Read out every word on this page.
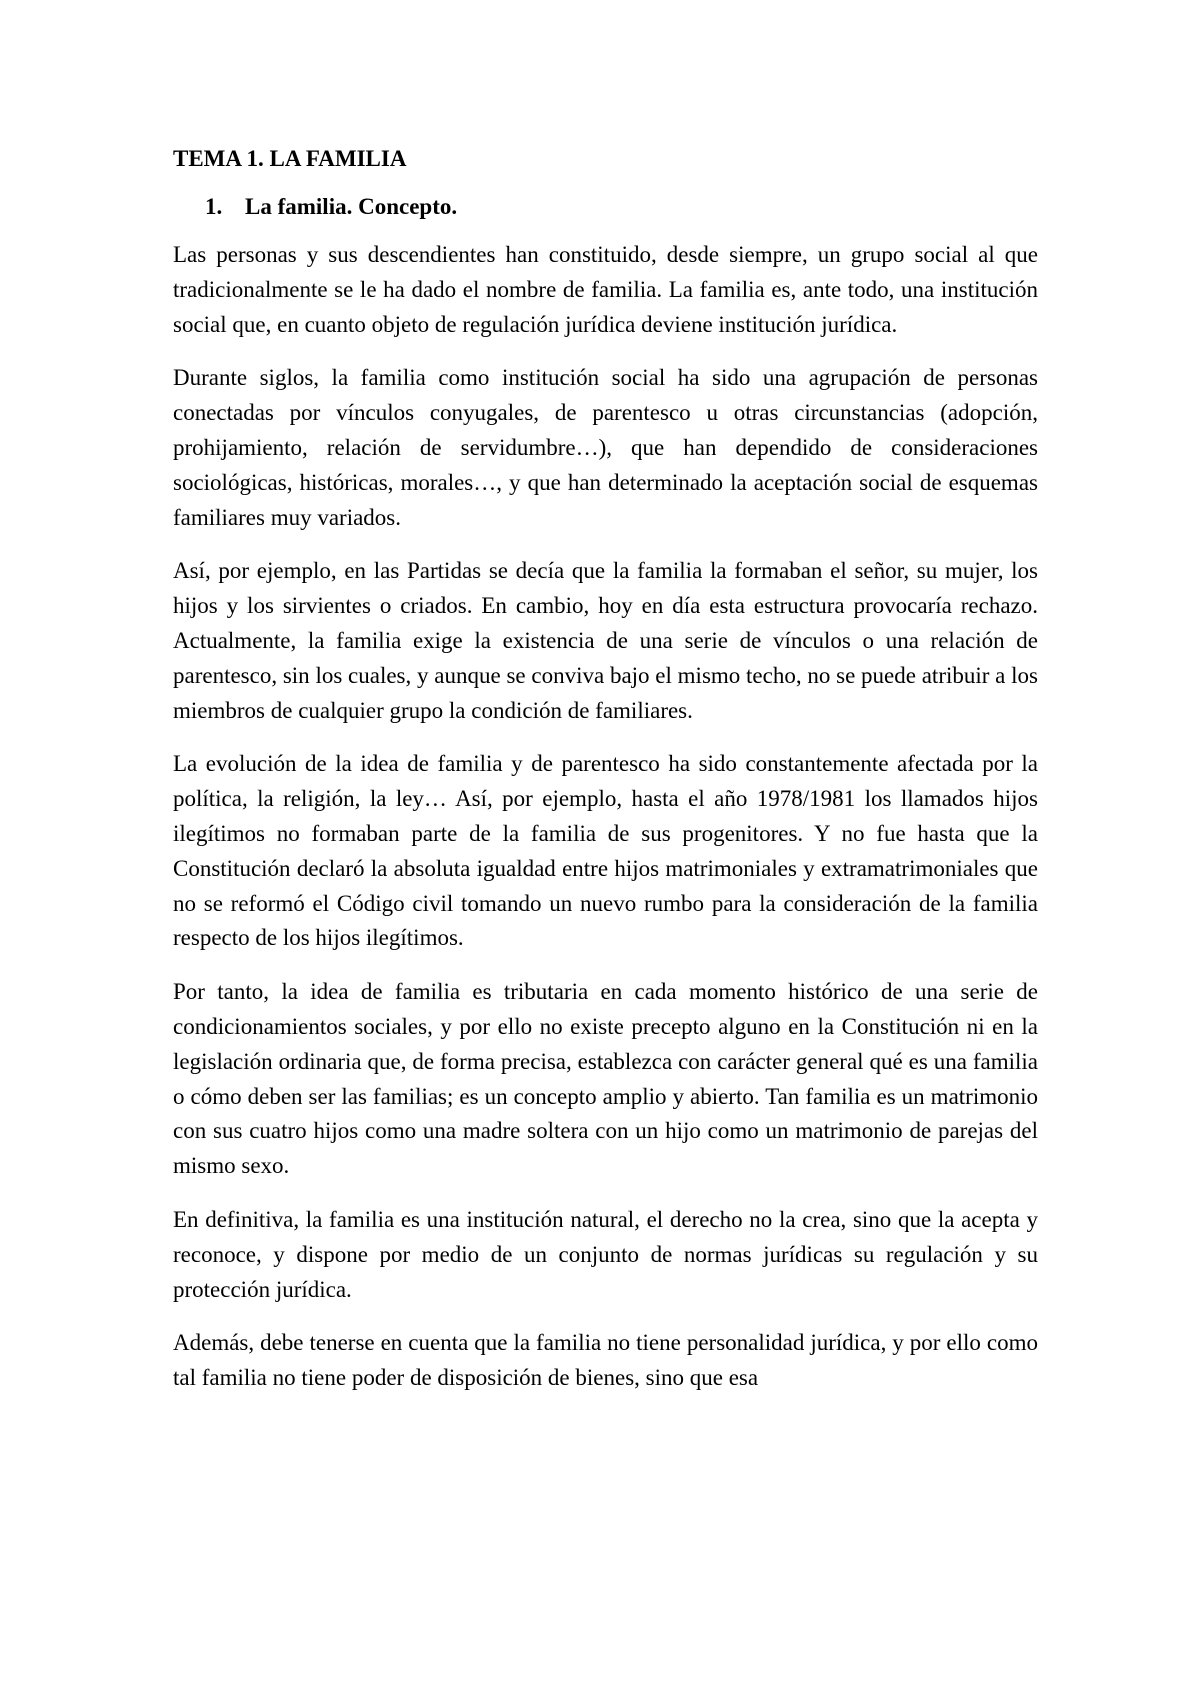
TEMA 1. LA FAMILIA
1. La familia. Concepto.

Las personas y sus descendientes han constituido, desde siempre, un grupo social al que tradicionalmente se le ha dado el nombre de familia. La familia es, ante todo, una institución social que, en cuanto objeto de regulación jurídica deviene institución jurídica.

Durante siglos, la familia como institución social ha sido una agrupación de personas conectadas por vínculos conyugales, de parentesco u otras circunstancias (adopción, prohijamiento, relación de servidumbre…), que han dependido de consideraciones sociológicas, históricas, morales…, y que han determinado la aceptación social de esquemas familiares muy variados.

Así, por ejemplo, en las Partidas se decía que la familia la formaban el señor, su mujer, los hijos y los sirvientes o criados. En cambio, hoy en día esta estructura provocaría rechazo. Actualmente, la familia exige la existencia de una serie de vínculos o una relación de parentesco, sin los cuales, y aunque se conviva bajo el mismo techo, no se puede atribuir a los miembros de cualquier grupo la condición de familiares.

La evolución de la idea de familia y de parentesco ha sido constantemente afectada por la política, la religión, la ley… Así, por ejemplo, hasta el año 1978/1981 los llamados hijos ilegítimos no formaban parte de la familia de sus progenitores. Y no fue hasta que la Constitución declaró la absoluta igualdad entre hijos matrimoniales y extramatrimoniales que no se reformó el Código civil tomando un nuevo rumbo para la consideración de la familia respecto de los hijos ilegítimos.

Por tanto, la idea de familia es tributaria en cada momento histórico de una serie de condicionamientos sociales, y por ello no existe precepto alguno en la Constitución ni en la legislación ordinaria que, de forma precisa, establezca con carácter general qué es una familia o cómo deben ser las familias; es un concepto amplio y abierto. Tan familia es un matrimonio con sus cuatro hijos como una madre soltera con un hijo como un matrimonio de parejas del mismo sexo.

En definitiva, la familia es una institución natural, el derecho no la crea, sino que la acepta y reconoce, y dispone por medio de un conjunto de normas jurídicas su regulación y su protección jurídica.

Además, debe tenerse en cuenta que la familia no tiene personalidad jurídica, y por ello como tal familia no tiene poder de disposición de bienes, sino que esa
